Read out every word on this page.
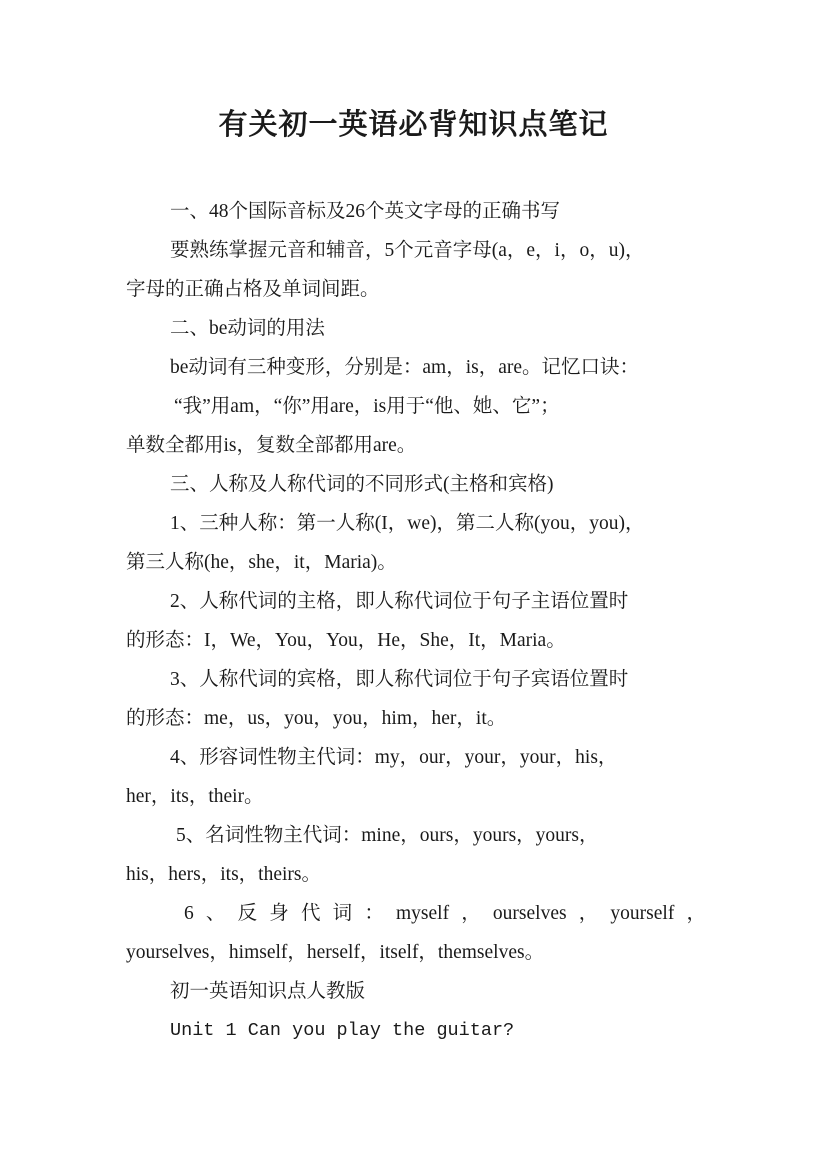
有关初一英语必背知识点笔记
一、48个国际音标及26个英文字母的正确书写
要熟练掌握元音和辅音，5个元音字母(a，e，i，o，u)，
字母的正确占格及单词间距。
二、be动词的用法
be动词有三种变形，分别是：am，is，are。记忆口诀：
“我”用am，“你”用are，is用于“他、她、它”；
单数全都用is，复数全部都用are。
三、人称及人称代词的不同形式(主格和宾格)
1、三种人称：第一人称(I，we)，第二人称(you，you)，
第三人称(he，she，it，Maria)。
2、人称代词的主格，即人称代词位于句子主语位置时
的形态：I，We，You，You，He，She，It，Maria。
3、人称代词的宾格，即人称代词位于句子宾语位置时
的形态：me，us，you，you，him，her，it。
4、形容词性物主代词：my，our，your，your，his，
her，its，their。
5、名词性物主代词：mine，ours，yours，yours，
his，hers，its，theirs。
6、反身代词：myself，ourselves，yourself，
yourselves，himself，herself，itself，themselves。
初一英语知识点人教版
Unit 1 Can you play the guitar?
